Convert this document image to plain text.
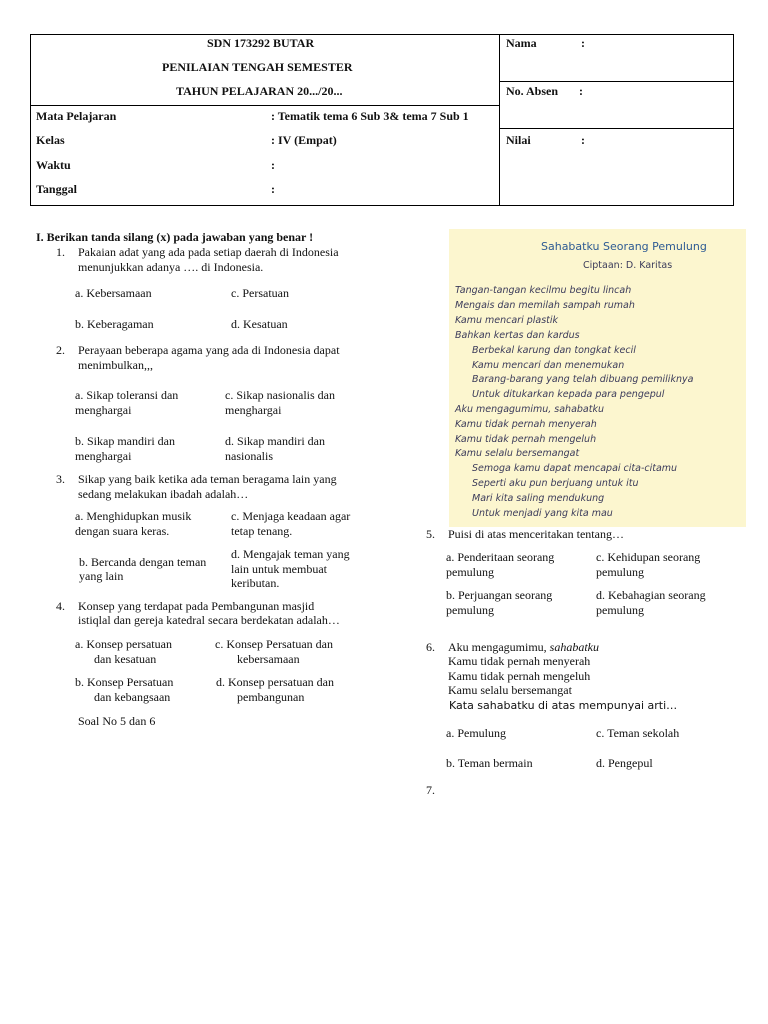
SDN 173292 BUTAR
PENILAIAN TENGAH SEMESTER
TAHUN PELAJARAN 20.../20...
Mata Pelajaran	: Tematik tema 6 Sub 3& tema 7 Sub 1
Kelas	: IV (Empat)
Waktu	:
Tanggal	:
Nama	:
No. Absen :
Nilai	:
I. Berikan tanda silang (x) pada jawaban yang benar !
1. Pakaian adat yang ada pada setiap daerah di Indonesia
menunjukkan adanya …. di Indonesia.
a. Kebersamaan	c. Persatuan
b. Keberagaman	d. Kesatuan
2. Perayaan beberapa agama yang ada di Indonesia dapat
menimbulkan,,,
a. Sikap toleransi dan
menghargai
c. Sikap nasionalis dan
menghargai
b. Sikap mandiri dan
menghargai
d. Sikap mandiri dan
nasionalis
3. Sikap yang baik ketika ada teman beragama lain yang
sedang melakukan ibadah adalah…
a. Menghidupkan musik
dengan suara keras.
c. Menjaga keadaan agar
tetap tenang.
b. Bercanda dengan teman
yang lain
d. Mengajak teman yang
lain untuk membuat
keributan.
4. Konsep yang terdapat pada Pembangunan masjid
istiqlal dan gereja katedral secara berdekatan adalah…
a. Konsep persatuan
dan kesatuan
c. Konsep Persatuan dan
kebersamaan
b. Konsep Persatuan
dan kebangsaan
d. Konsep persatuan dan
pembangunan
Soal No 5 dan 6
Sahabatku Seorang Pemulung
Ciptaan: D. Karitas
Tangan-tangan kecilmu begitu lincah
Mengais dan memilah sampah rumah
Kamu mencari plastik
Bahkan kertas dan kardus
Berbekal karung dan tongkat kecil
Kamu mencari dan menemukan
Barang-barang yang telah dibuang pemiliknya
Untuk ditukarkan kepada para pengepul
Aku mengagumimu, sahabatku
Kamu tidak pernah menyerah
Kamu tidak pernah mengeluh
Kamu selalu bersemangat
Semoga kamu dapat mencapai cita-citamu
Seperti aku pun berjuang untuk itu
Mari kita saling mendukung
Untuk menjadi yang kita mau
5. Puisi di atas menceritakan tentang…
a. Penderitaan seorang
pemulung
c. Kehidupan seorang
pemulung
b. Perjuangan seorang
pemulung
d. Kebahagian seorang
pemulung
6. Aku mengagumimu, sahabatku
Kamu tidak pernah menyerah
Kamu tidak pernah mengeluh
Kamu selalu bersemangat
Kata sahabatku di atas mempunyai arti…
a. Pemulung	c. Teman sekolah
b. Teman bermain	d. Pengepul
7.
